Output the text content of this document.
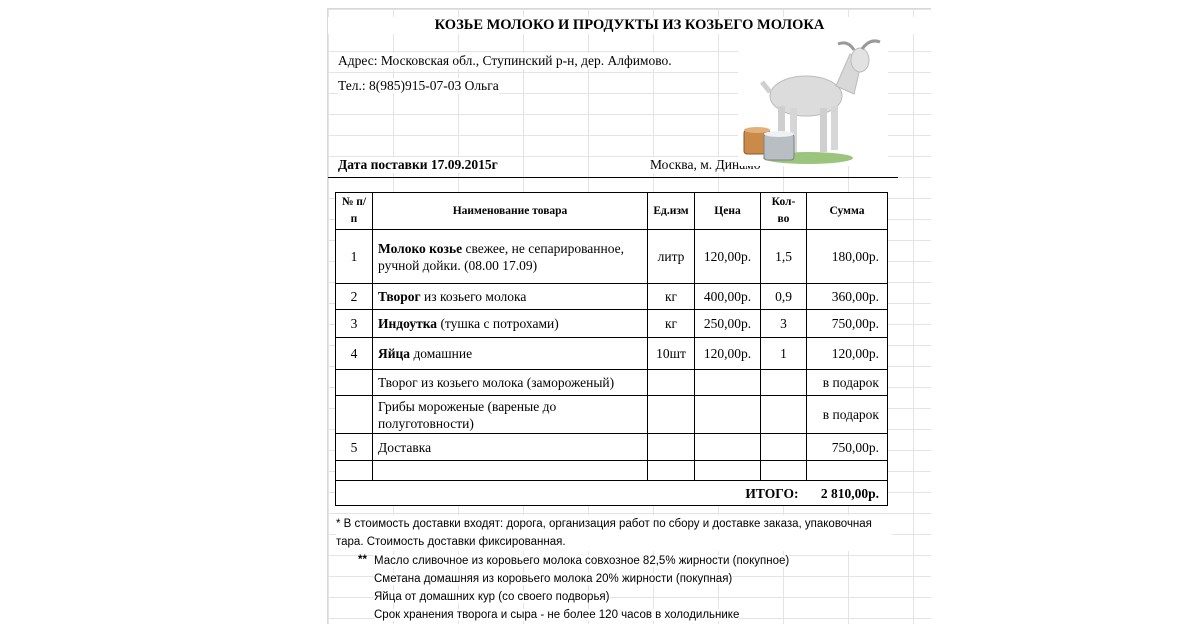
КОЗЬЕ МОЛОКО И ПРОДУКТЫ ИЗ КОЗЬЕГО МОЛОКА
Адрес: Московская обл., Ступинский р-н, дер. Алфимово.
Тел.: 8(985)915-07-03 Ольга
Дата поставки 17.09.2015г	Москва, м. Динамо
№ п/п	Наименование товара	Ед.изм	Цена	Кол-во	Сумма
1	Молоко козье свежее, не сепарированное, ручной дойки. (08.00 17.09)	литр	120,00р.	1,5	180,00р.
2	Творог из козьего молока	кг	400,00р.	0,9	360,00р.
3	Индоутка (тушка с потрохами)	кг	250,00р.	3	750,00р.
4	Яйца домашние	10шт	120,00р.	1	120,00р.
	Творог из козьего молока (замороженый)				в подарок
	Грибы мороженые (вареные до полуготовности)				в подарок
5	Доставка				750,00р.

ИТОГО:					2 810,00р.
* В стоимость доставки входят: дорога, организация работ по сбору и доставке заказа, упаковочная тара. Стоимость доставки фиксированная.
** Масло сливочное из коровьего молока совхозное 82,5% жирности (покупное)
Сметана домашняя из коровьего молока 20% жирности (покупная)
Яйца от домашних кур (со своего подворья)
Срок хранения творога и сыра - не более 120 часов в холодильнике
